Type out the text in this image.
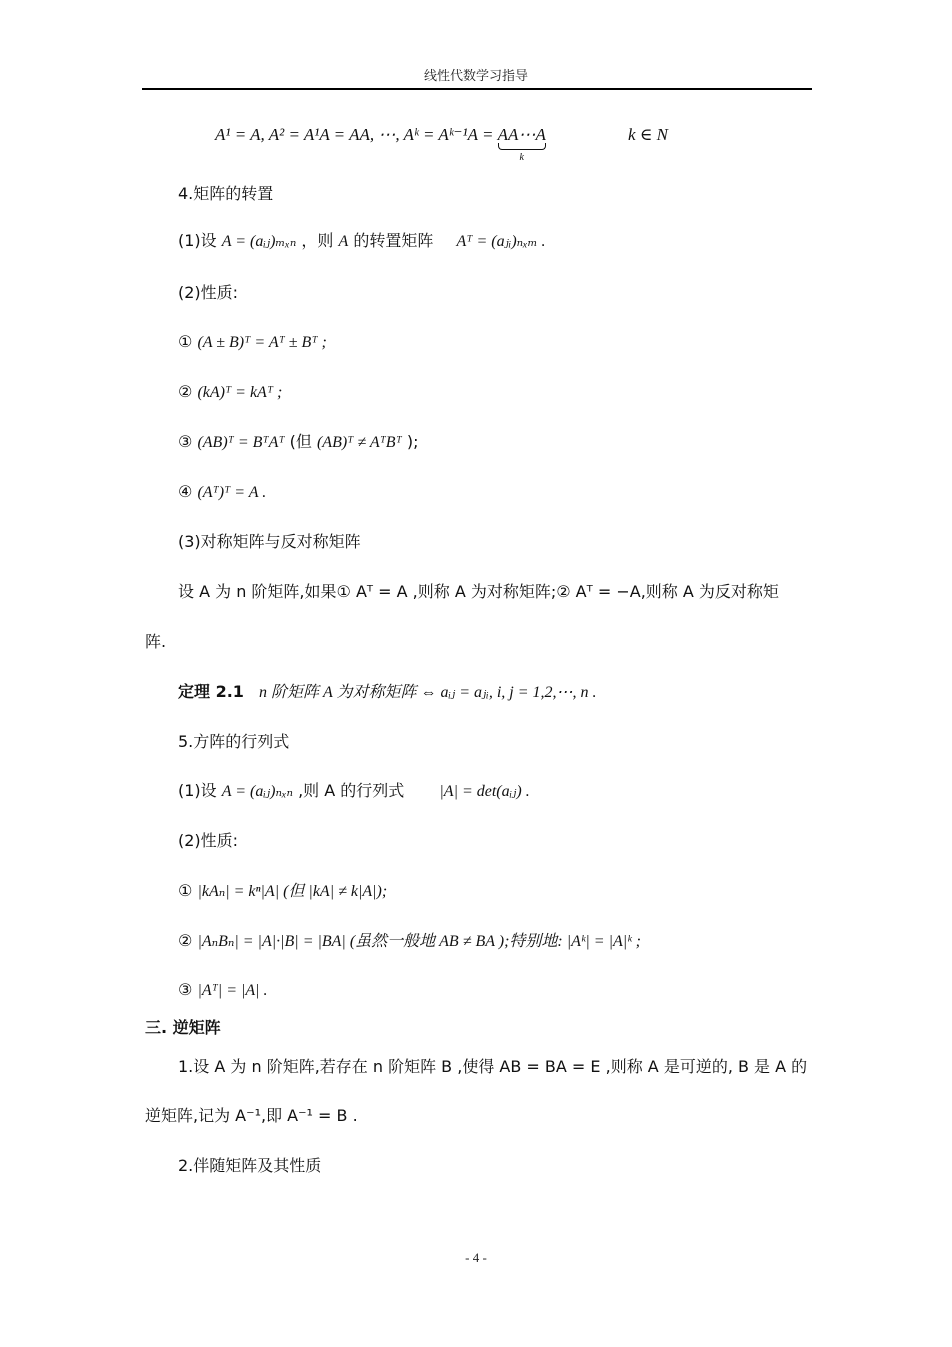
线性代数学习指导
A¹ = A, A² = A¹A = AA, ⋯, Aᵏ = Aᵏ⁻¹A = AA⋯A
k
k ∈ N
4.矩阵的转置
(1)设 A = (aᵢⱼ)ₘₓₙ ，则 A 的转置矩阵 Aᵀ = (aⱼᵢ)ₙₓₘ .
(2)性质:
① (A ± B)ᵀ = Aᵀ ± Bᵀ ;
② (kA)ᵀ = kAᵀ ;
③ (AB)ᵀ = BᵀAᵀ (但 (AB)ᵀ ≠ AᵀBᵀ );
④ (Aᵀ)ᵀ = A .
(3)对称矩阵与反对称矩阵
设 A 为 n 阶矩阵,如果① Aᵀ = A ,则称 A 为对称矩阵;② Aᵀ = −A,则称 A 为反对称矩
阵.
定理 2.1 n 阶矩阵 A 为对称矩阵 ⇔ aᵢⱼ = aⱼᵢ, i, j = 1,2,⋯, n .
5.方阵的行列式
(1)设 A = (aᵢⱼ)ₙₓₙ ,则 A 的行列式 |A| = det(aᵢⱼ) .
(2)性质:
① |kAₙ| = kⁿ|A| (但 |kA| ≠ k|A|);
② |AₙBₙ| = |A|·|B| = |BA| (虽然一般地 AB ≠ BA );特别地: |Aᵏ| = |A|ᵏ ;
③ |Aᵀ| = |A| .
三. 逆矩阵
1.设 A 为 n 阶矩阵,若存在 n 阶矩阵 B ,使得 AB = BA = E ,则称 A 是可逆的, B 是 A 的
逆矩阵,记为 A⁻¹,即 A⁻¹ = B .
2.伴随矩阵及其性质
- 4 -
